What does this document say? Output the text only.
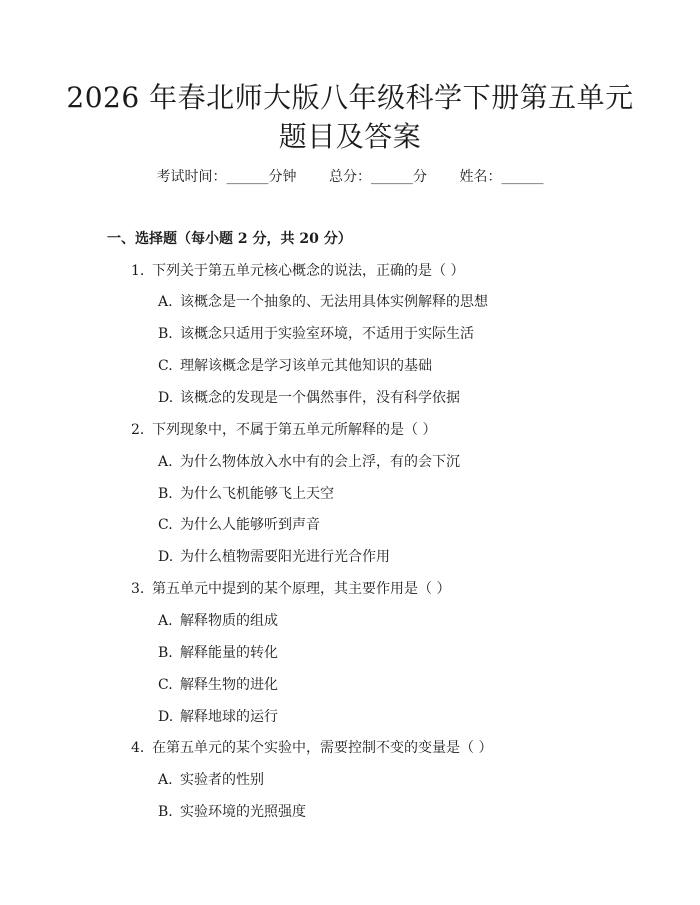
2026 年春北师大版八年级科学下册第五单元
题目及答案
考试时间：______分钟 总分：______分 姓名：______
一、选择题（每小题 2 分，共 20 分）
1. 下列关于第五单元核心概念的说法，正确的是（ ）
A. 该概念是一个抽象的、无法用具体实例解释的思想
B. 该概念只适用于实验室环境，不适用于实际生活
C. 理解该概念是学习该单元其他知识的基础
D. 该概念的发现是一个偶然事件，没有科学依据
2. 下列现象中，不属于第五单元所解释的是（ ）
A. 为什么物体放入水中有的会上浮，有的会下沉
B. 为什么飞机能够飞上天空
C. 为什么人能够听到声音
D. 为什么植物需要阳光进行光合作用
3. 第五单元中提到的某个原理，其主要作用是（ ）
A. 解释物质的组成
B. 解释能量的转化
C. 解释生物的进化
D. 解释地球的运行
4. 在第五单元的某个实验中，需要控制不变的变量是（ ）
A. 实验者的性别
B. 实验环境的光照强度
